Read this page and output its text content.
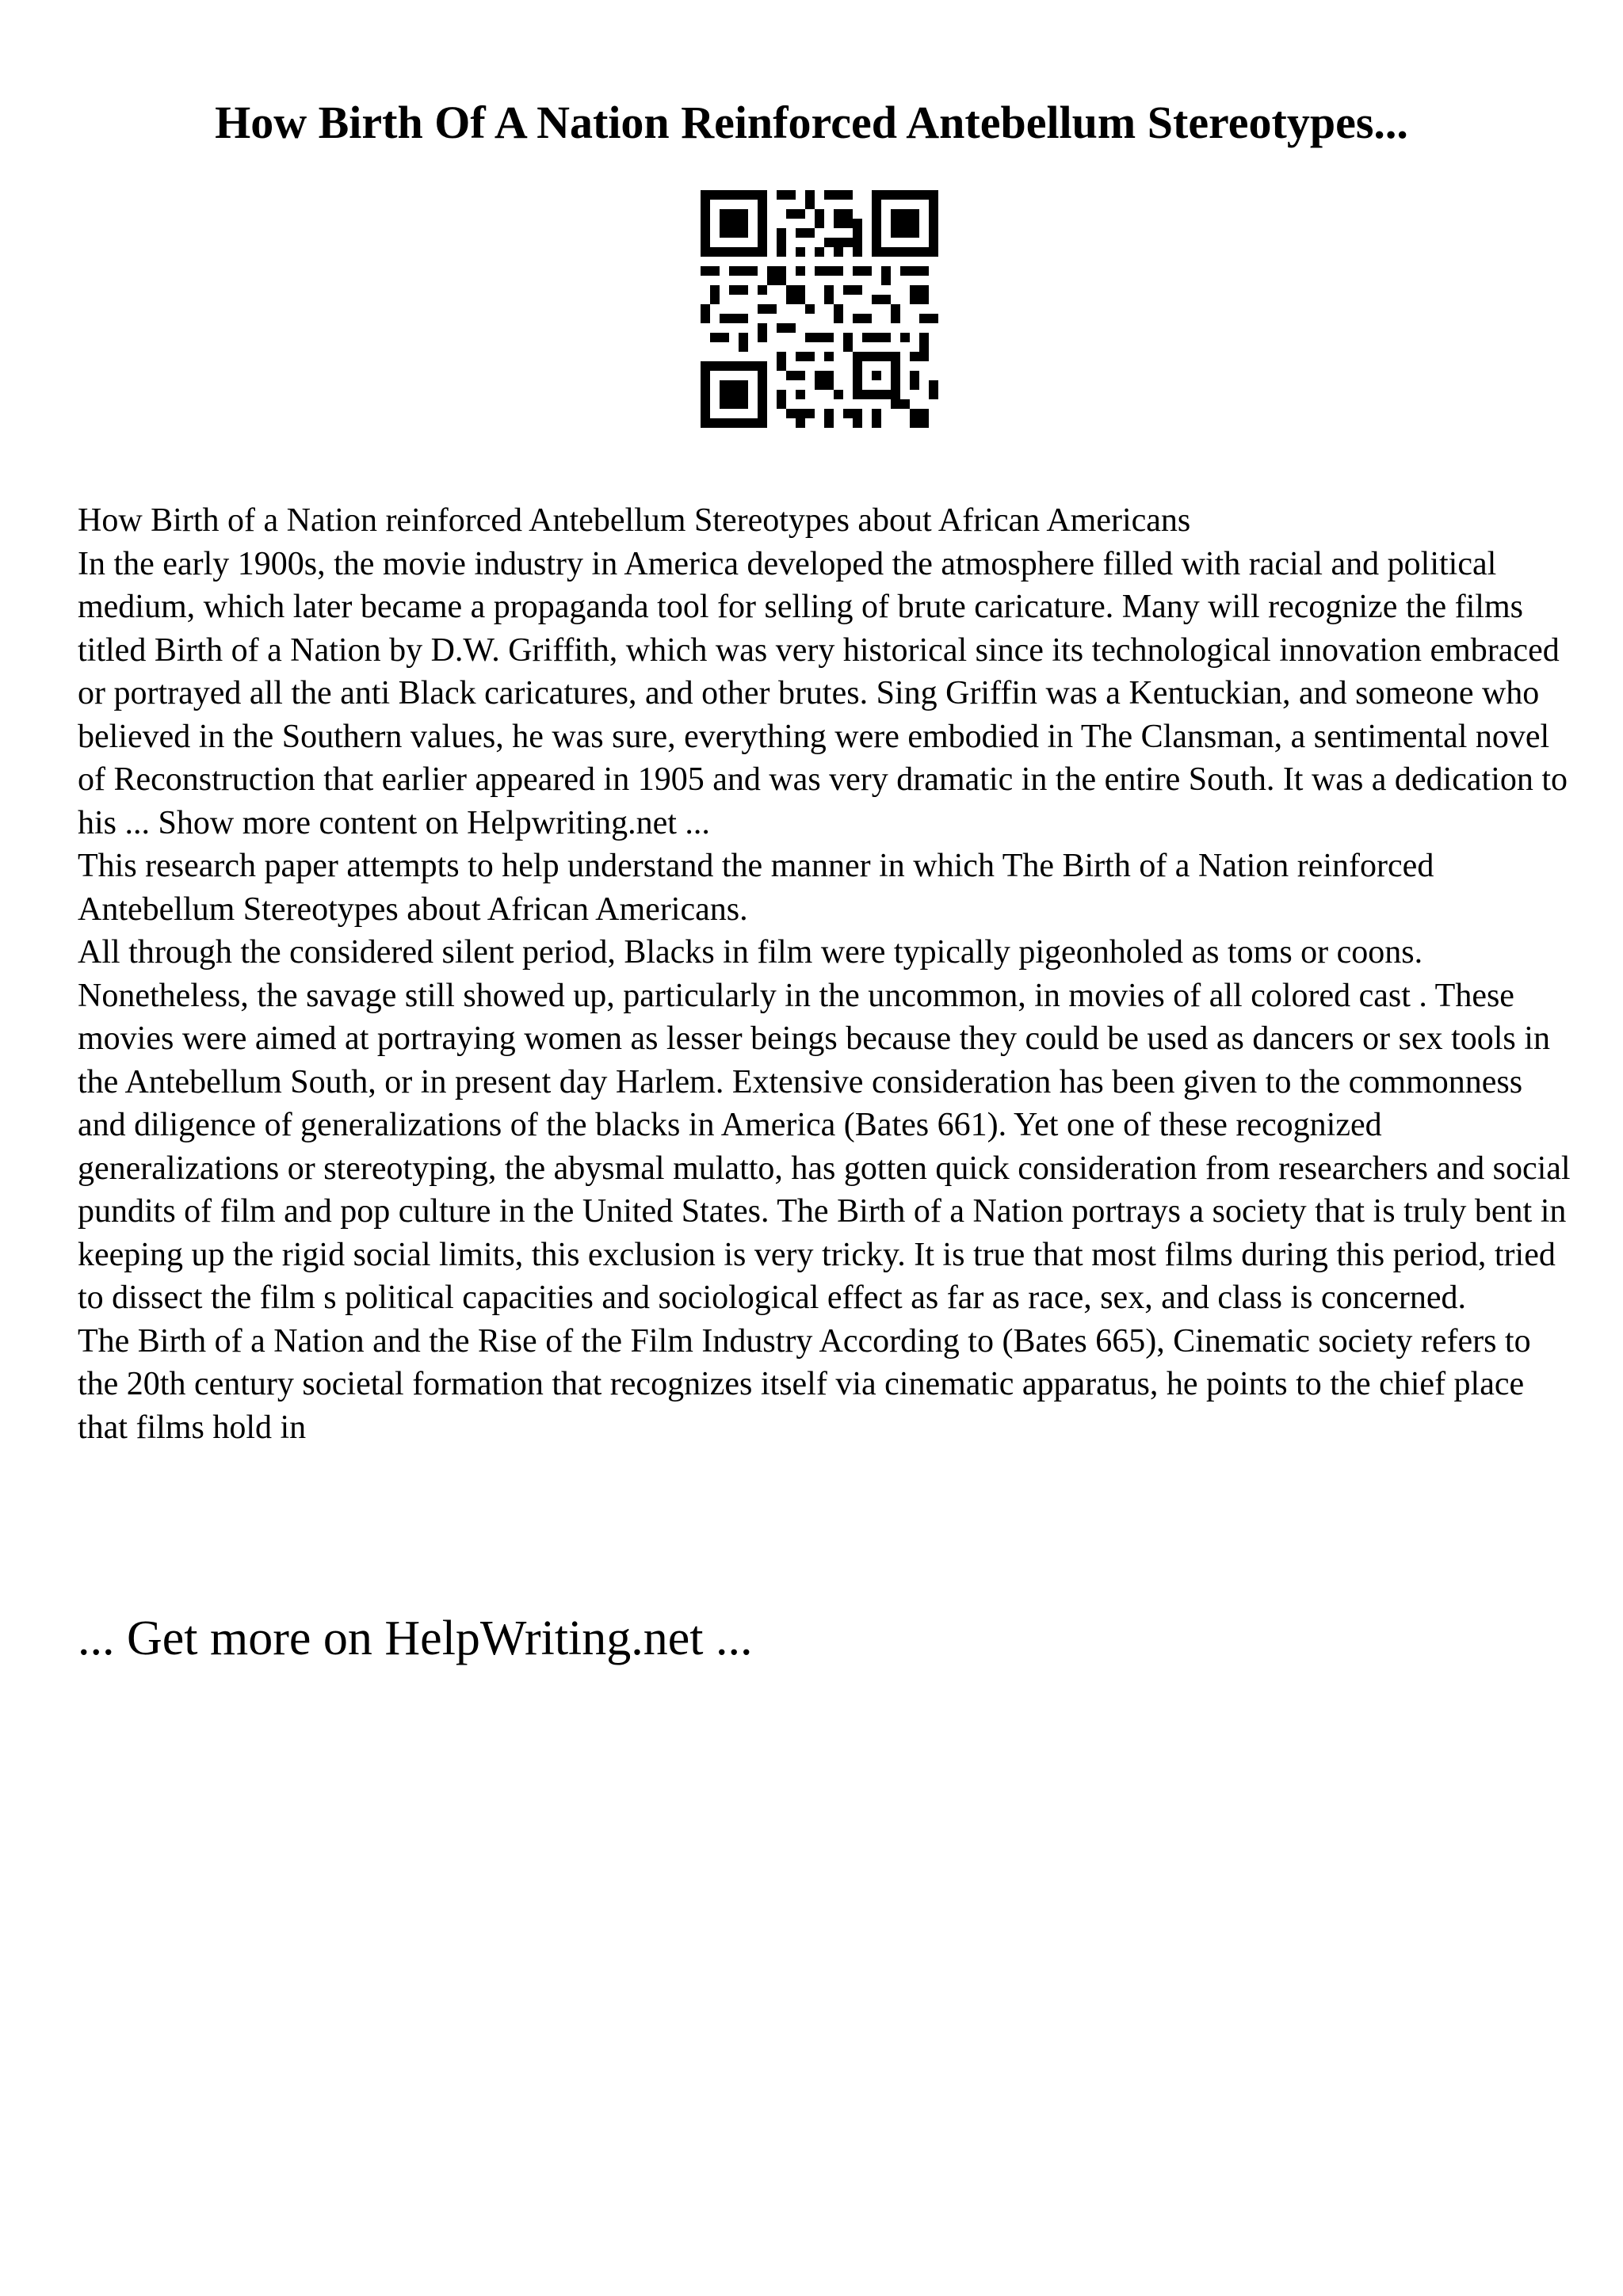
How Birth Of A Nation Reinforced Antebellum Stereotypes...

How Birth of a Nation reinforced Antebellum Stereotypes about African Americans

In the early 1900s, the movie industry in America developed the atmosphere filled with racial and political medium, which later became a propaganda tool for selling of brute caricature. Many will recognize the films titled Birth of a Nation by D.W. Griffith, which was very historical since its technological innovation embraced or portrayed all the anti Black caricatures, and other brutes. Sing Griffin was a Kentuckian, and someone who believed in the Southern values, he was sure, everything were embodied in The Clansman, a sentimental novel of Reconstruction that earlier appeared in 1905 and was very dramatic in the entire South. It was a dedication to his ... Show more content on Helpwriting.net ...

This research paper attempts to help understand the manner in which The Birth of a Nation reinforced Antebellum Stereotypes about African Americans.

All through the considered silent period, Blacks in film were typically pigeonholed as toms or coons. Nonetheless, the savage still showed up, particularly in the uncommon, in movies of all colored cast . These movies were aimed at portraying women as lesser beings because they could be used as dancers or sex tools in the Antebellum South, or in present day Harlem. Extensive consideration has been given to the commonness and diligence of generalizations of the blacks in America (Bates 661). Yet one of these recognized generalizations or stereotyping, the abysmal mulatto, has gotten quick consideration from researchers and social pundits of film and pop culture in the United States. The Birth of a Nation portrays a society that is truly bent in keeping up the rigid social limits, this exclusion is very tricky. It is true that most films during this period, tried to dissect the film s political capacities and sociological effect as far as race, sex, and class is concerned.

The Birth of a Nation and the Rise of the Film Industry According to (Bates 665), Cinematic society refers to the 20th century societal formation that recognizes itself via cinematic apparatus, he points to the chief place that films hold in

... Get more on HelpWriting.net ...
